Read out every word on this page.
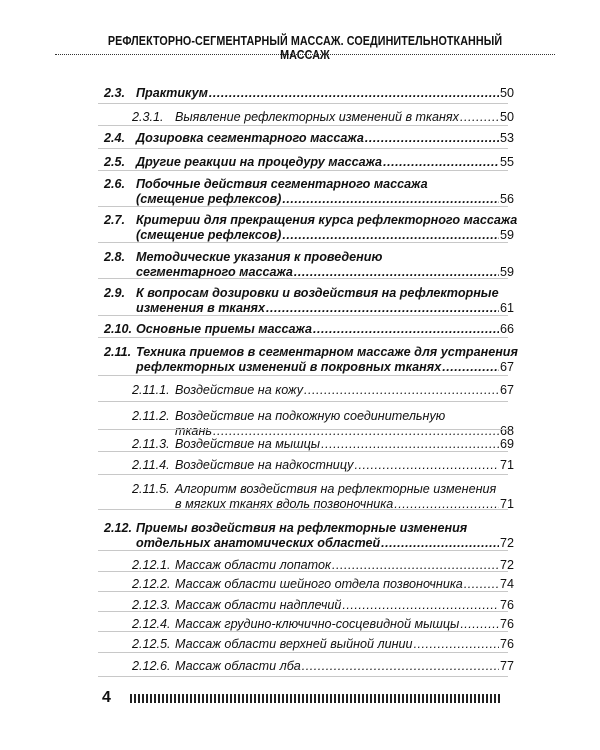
РЕФЛЕКТОРНО-СЕГМЕНТАРНЫЙ МАССАЖ. СОЕДИНИТЕЛЬНОТКАННЫЙ МАССАЖ
2.3. Практикум .....	50
2.3.1. Выявление рефлекторных изменений в тканях .....	50
2.4. Дозировка сегментарного массажа .....	53
2.5. Другие реакции на процедуру массажа .....	55
2.6. Побочные действия сегментарного массажа
(смещение рефлексов) .....	56
2.7. Критерии для прекращения курса рефлекторного массажа
(смещение рефлексов) .....	59
2.8. Методические указания к проведению
сегментарного массажа .....	59
2.9. К вопросам дозировки и воздействия на рефлекторные
изменения в тканях .....	61
2.10. Основные приемы массажа .....	66
2.11. Техника приемов в сегментарном массаже для устранения
рефлекторных изменений в покровных тканях .....	67
2.11.1. Воздействие на кожу .....	67
2.11.2. Воздействие на подкожную соединительную
ткань .....	68
2.11.3. Воздействие на мышцы .....	69
2.11.4. Воздействие на надкостницу .....	71
2.11.5. Алгоритм воздействия на рефлекторные изменения
в мягких тканях вдоль позвоночника .....	71
2.12. Приемы воздействия на рефлекторные изменения
отдельных анатомических областей .....	72
2.12.1. Массаж области лопаток .....	72
2.12.2. Массаж области шейного отдела позвоночника .....	74
2.12.3. Массаж области надплечий .....	76
2.12.4. Массаж грудино-ключично-сосцевидной мышцы .....	76
2.12.5. Массаж области верхней выйной линии .....	76
2.12.6. Массаж области лба .....	77
4
